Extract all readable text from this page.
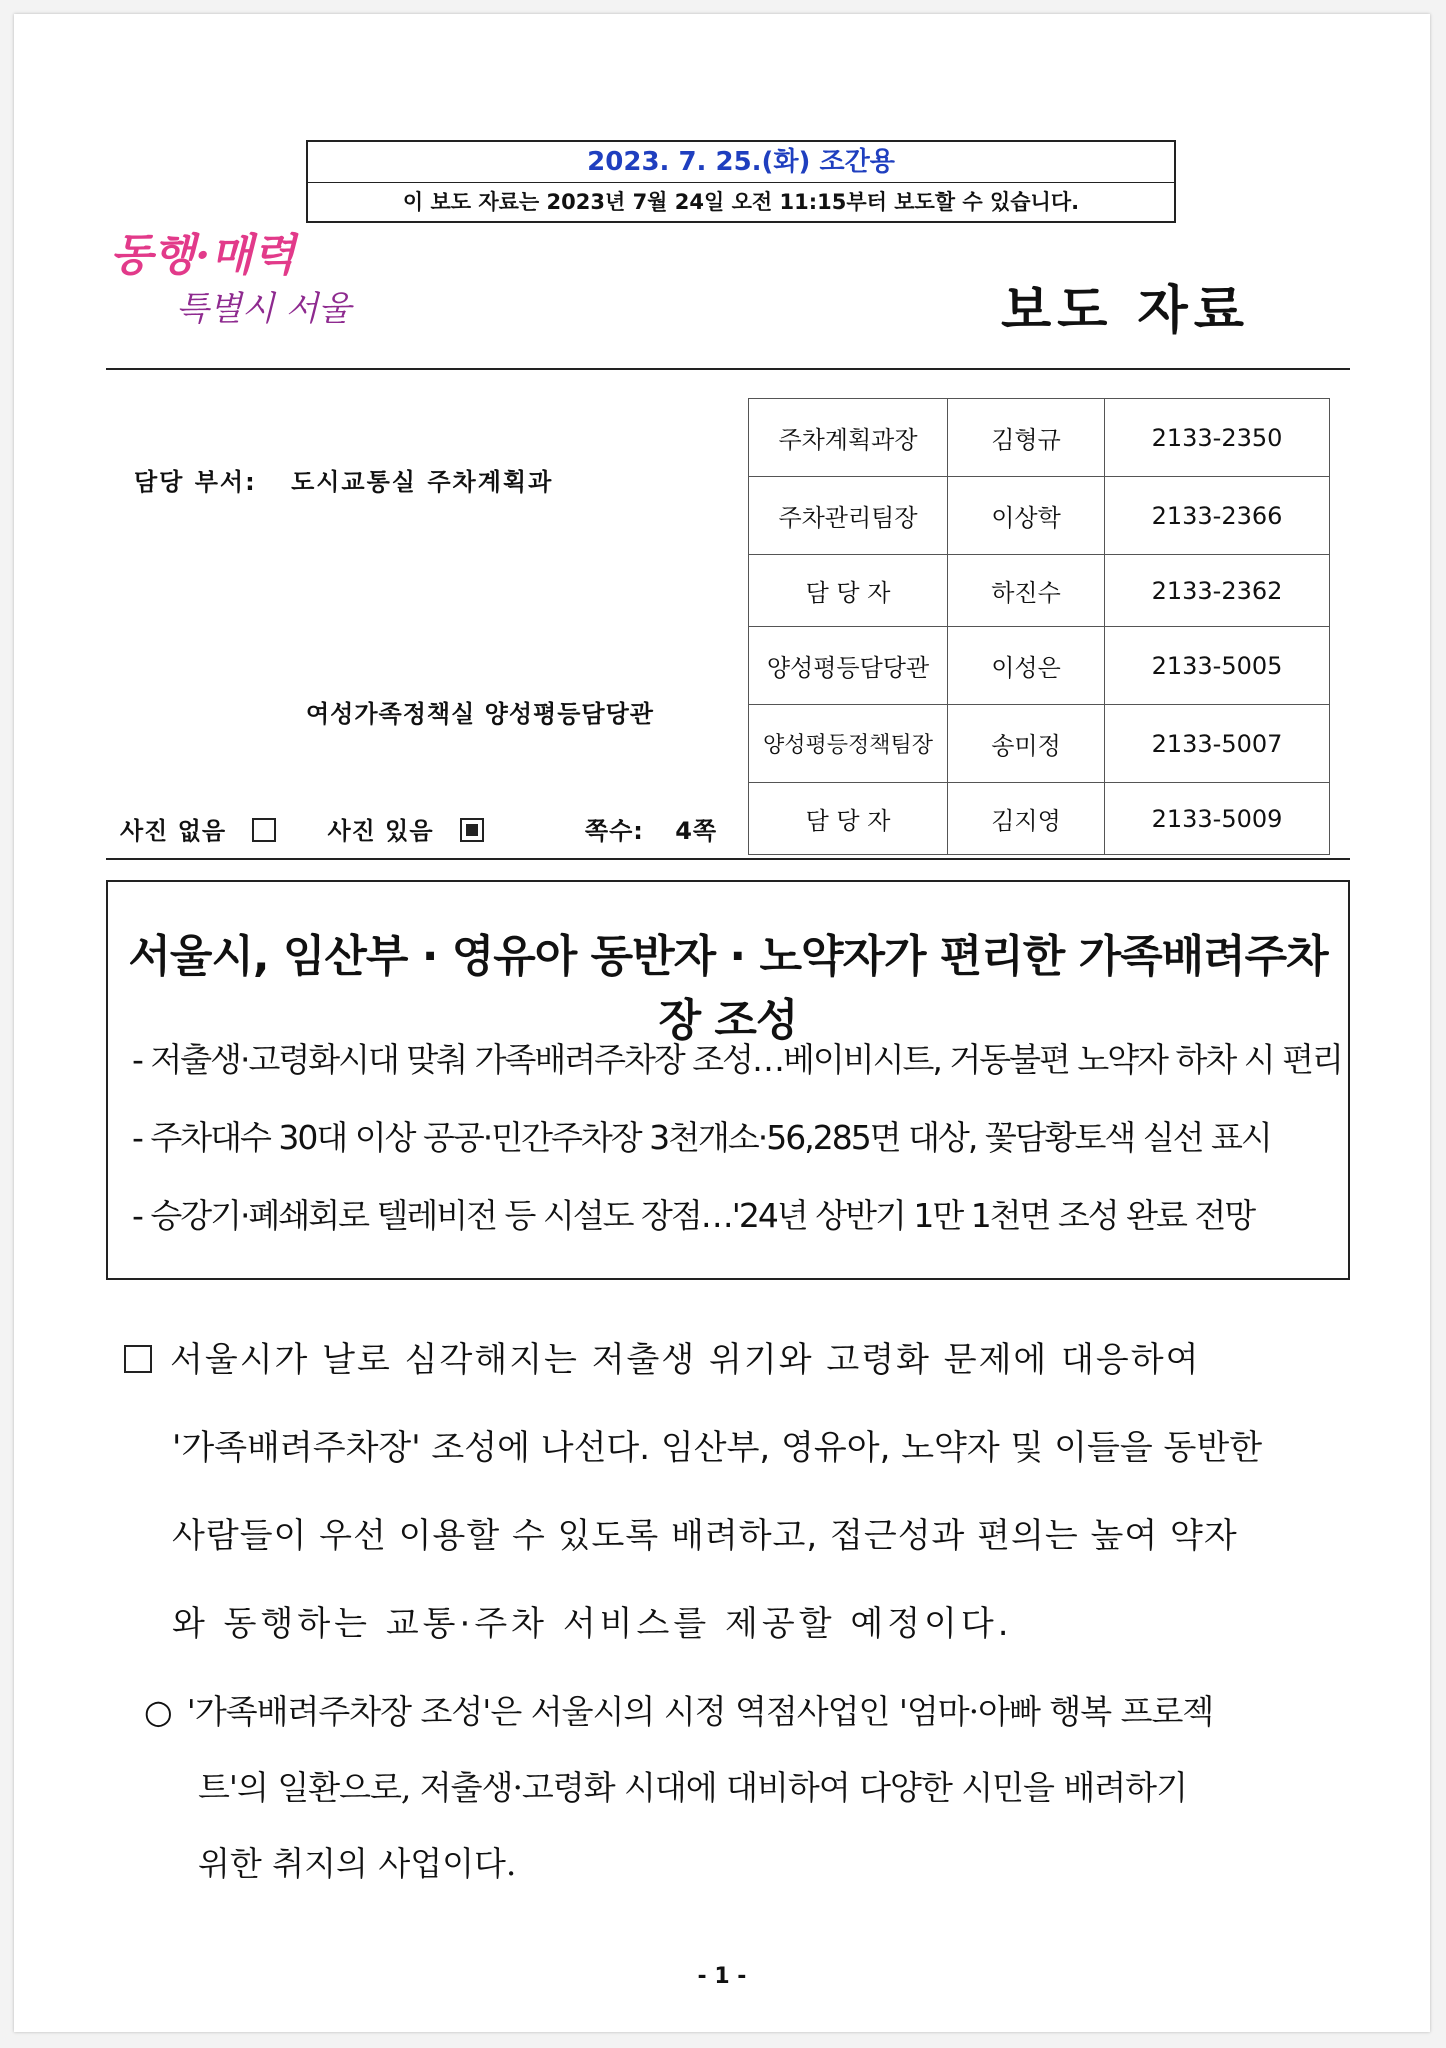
2023. 7. 25.(화) 조간용
이 보도 자료는 2023년 7월 24일 오전 11:15부터 보도할 수 있습니다.
동행·매력
특별시 서울	보도 자료
담당 부서: 도시교통실 주차계획과
여성가족정책실 양성평등담당관
사진 없음	사진 있음	쪽수: 4쪽
주차계획과장	김형규	2133-2350
주차관리팀장	이상학	2133-2366
담 당 자	하진수	2133-2362
양성평등담당관	이성은	2133-5005
양성평등정책팀장	송미정	2133-5007
담 당 자	김지영	2133-5009
서울시, 임산부 · 영유아 동반자 · 노약자가 편리한 가족배려주차장 조성
- 저출생·고령화시대 맞춰 가족배려주차장 조성…베이비시트, 거동불편 노약자 하차 시 편리
- 주차대수 30대 이상 공공·민간주차장 3천개소·56,285면 대상, 꽃담황토색 실선 표시
- 승강기·폐쇄회로 텔레비전 등 시설도 장점…'24년 상반기 1만 1천면 조성 완료 전망
서울시가 날로 심각해지는 저출생 위기와 고령화 문제에 대응하여
'가족배려주차장' 조성에 나선다. 임산부, 영유아, 노약자 및 이들을 동반한
사람들이 우선 이용할 수 있도록 배려하고, 접근성과 편의는 높여 약자
와 동행하는 교통·주차 서비스를 제공할 예정이다.
○ '가족배려주차장 조성'은 서울시의 시정 역점사업인 '엄마·아빠 행복 프로젝
트'의 일환으로, 저출생·고령화 시대에 대비하여 다양한 시민을 배려하기
위한 취지의 사업이다.
- 1 -
